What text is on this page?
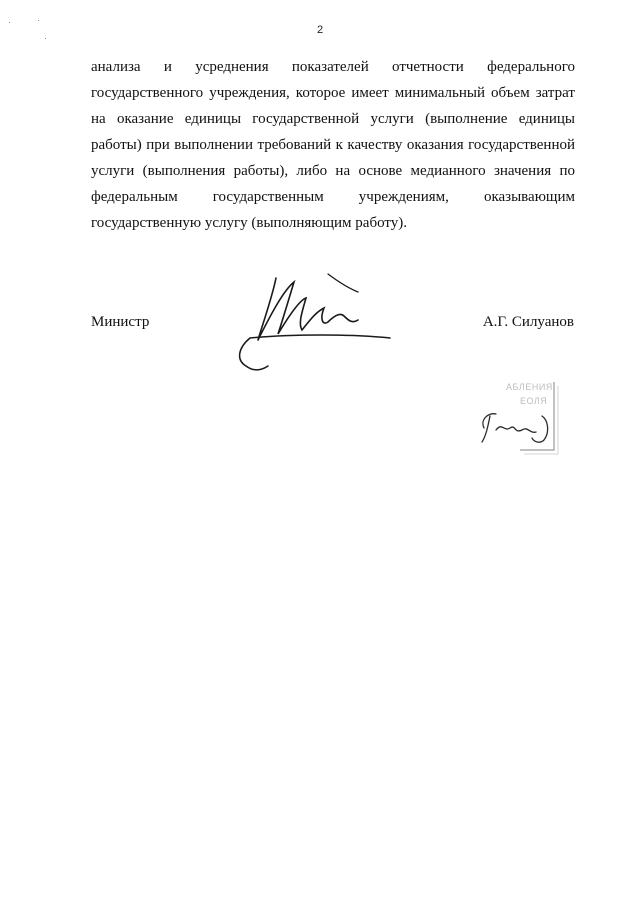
2
анализа и усреднения показателей отчетности федерального
государственного учреждения, которое имеет минимальный объем затрат
на оказание единицы государственной услуги (выполнение единицы
работы) при выполнении требований к качеству оказания государственной
услуги (выполнения работы), либо на основе медианного значения по
федеральным государственным учреждениям, оказывающим
государственную услугу (выполняющим работу).
Министр	А.Г. Силуанов
АБЛЕНИЯ
ЕОЛЯ
